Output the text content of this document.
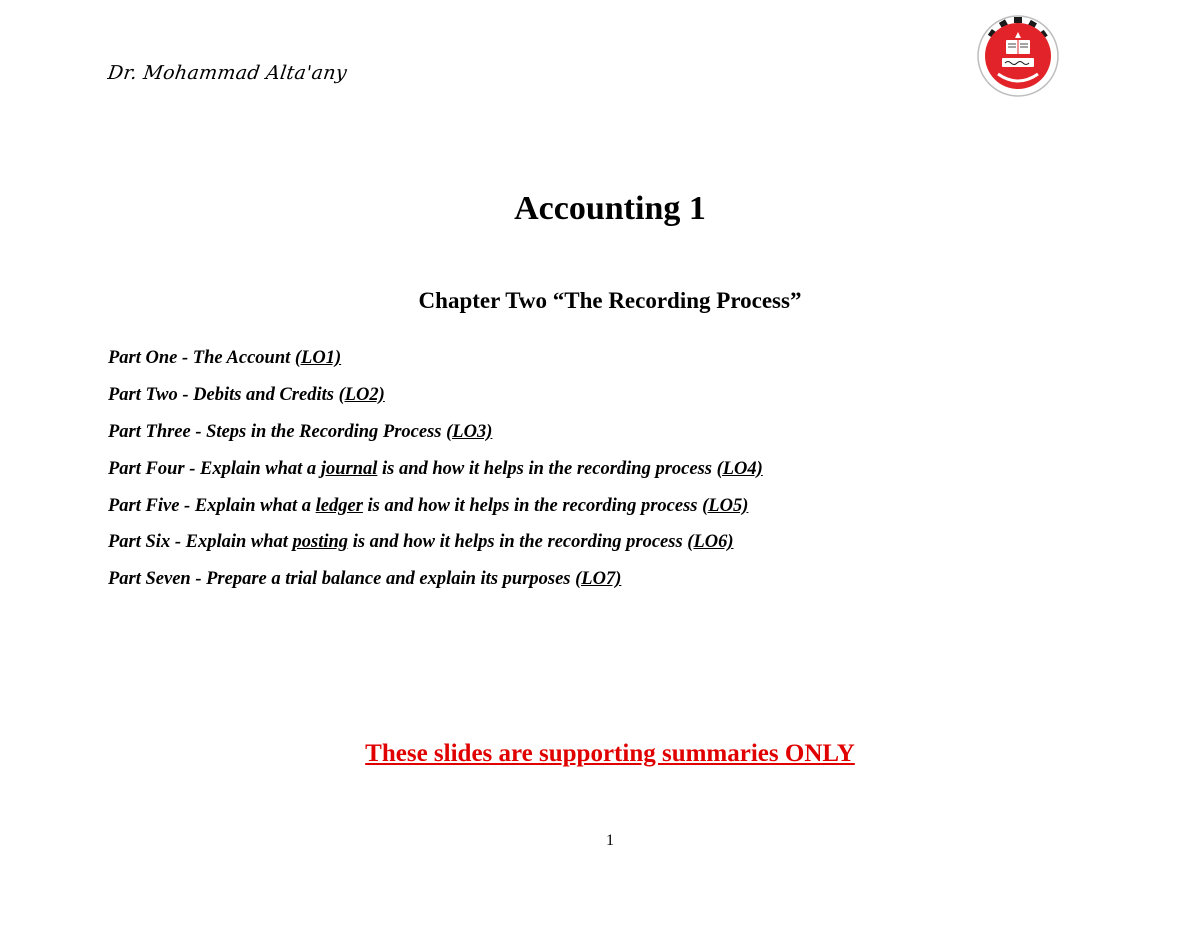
Dr. Mohammad Alta'any
Accounting 1
Chapter Two “The Recording Process”
Part One - The Account (LO1)
Part Two - Debits and Credits (LO2)
Part Three - Steps in the Recording Process (LO3)
Part Four - Explain what a journal is and how it helps in the recording process (LO4)
Part Five - Explain what a ledger is and how it helps in the recording process (LO5)
Part Six - Explain what posting is and how it helps in the recording process (LO6)
Part Seven - Prepare a trial balance and explain its purposes (LO7)
These slides are supporting summaries ONLY
1
